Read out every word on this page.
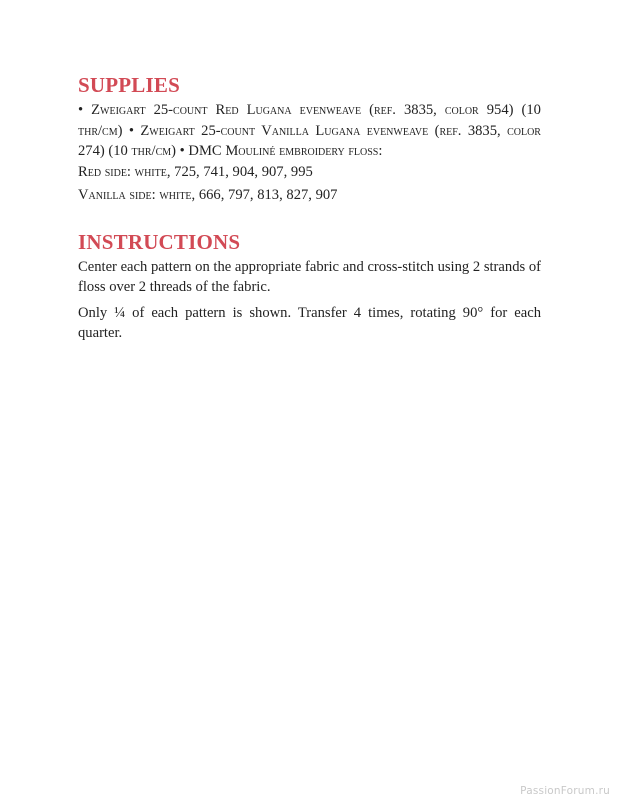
SUPPLIES

• Zweigart 25-count Red Lugana evenweave (ref. 3835, color 954) (10 thr/cm) • Zweigart 25-count Vanilla Lugana evenweave (ref. 3835, color 274) (10 thr/cm) • DMC Mouliné embroidery floss:

Red side: white, 725, 741, 904, 907, 995

Vanilla side: white, 666, 797, 813, 827, 907

INSTRUCTIONS

Center each pattern on the appropriate fabric and cross-stitch using 2 strands of floss over 2 threads of the fabric.

Only ¼ of each pattern is shown. Transfer 4 times, rotating 90° for each quarter.

PassionForum.ru
